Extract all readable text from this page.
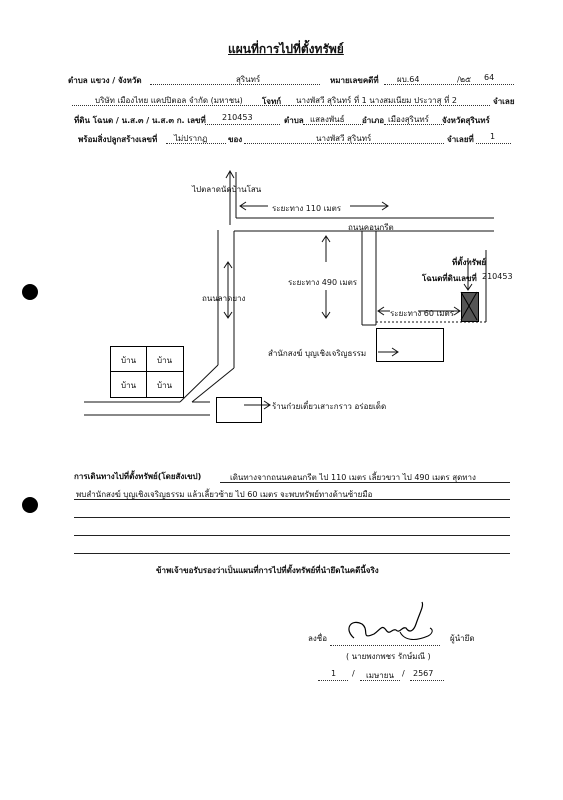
แผนที่การไปที่ตั้งทรัพย์
ตำบล แขวง / จังหวัด	สุรินทร์	หมายเลขคดีที่ ผบ.64	/๒๕ 64
บริษัท เมืองไทย แคปปิตอล จำกัด (มหาชน) โจทก์ นางพัสวี สุรินทร์ ที่ 1 นางสมเนียม ประวาสุ ที่ 2	จำเลย
ที่ดิน โฉนด / น.ส.๓ / น.ส.๓ ก. เลขที่ 210453	ตำบล แสลงพันธ์ อำเภอ เมืองสุรินทร์ จังหวัดสุรินทร์
พร้อมสิ่งปลูกสร้างเลขที่ ไม่ปรากฏ	ของ	นางพัสวี สุรินทร์	จำเลยที่ 1
บ้าน	บ้าน
บ้าน	บ้าน
ไปตลาดนัดบ้านโสน
ระยะทาง 110 เมตร
ถนนคอนกรีต
ระยะทาง 490 เมตร
ถนนลาดยาง
ที่ตั้งทรัพย์
โฉนดที่ดินเลขที่ 210453
ระยะทาง 60 เมตร
สำนักสงฆ์ บุญเชิงเจริญธรรม
ร้านก๋วยเตี๋ยวเสาะกราว อร่อยเด็ด
การเดินทางไปที่ตั้งทรัพย์(โดยสังเขป)	เดินทางจากถนนคอนกรีต ไป 110 เมตร เลี้ยวขวา ไป 490 เมตร สุดทาง
พบสำนักสงฆ์ บุญเชิงเจริญธรรม แล้วเลี้ยวซ้าย ไป 60 เมตร จะพบทรัพย์ทางด้านซ้ายมือ
ข้าพเจ้าขอรับรองว่าเป็นแผนที่การไปที่ตั้งทรัพย์ที่นำยึดในคดีนี้จริง
ลงชื่อ	ผู้นำยึด
( นายพงกพชร รักษ์มณี )
1 / เมษายน / 2567
